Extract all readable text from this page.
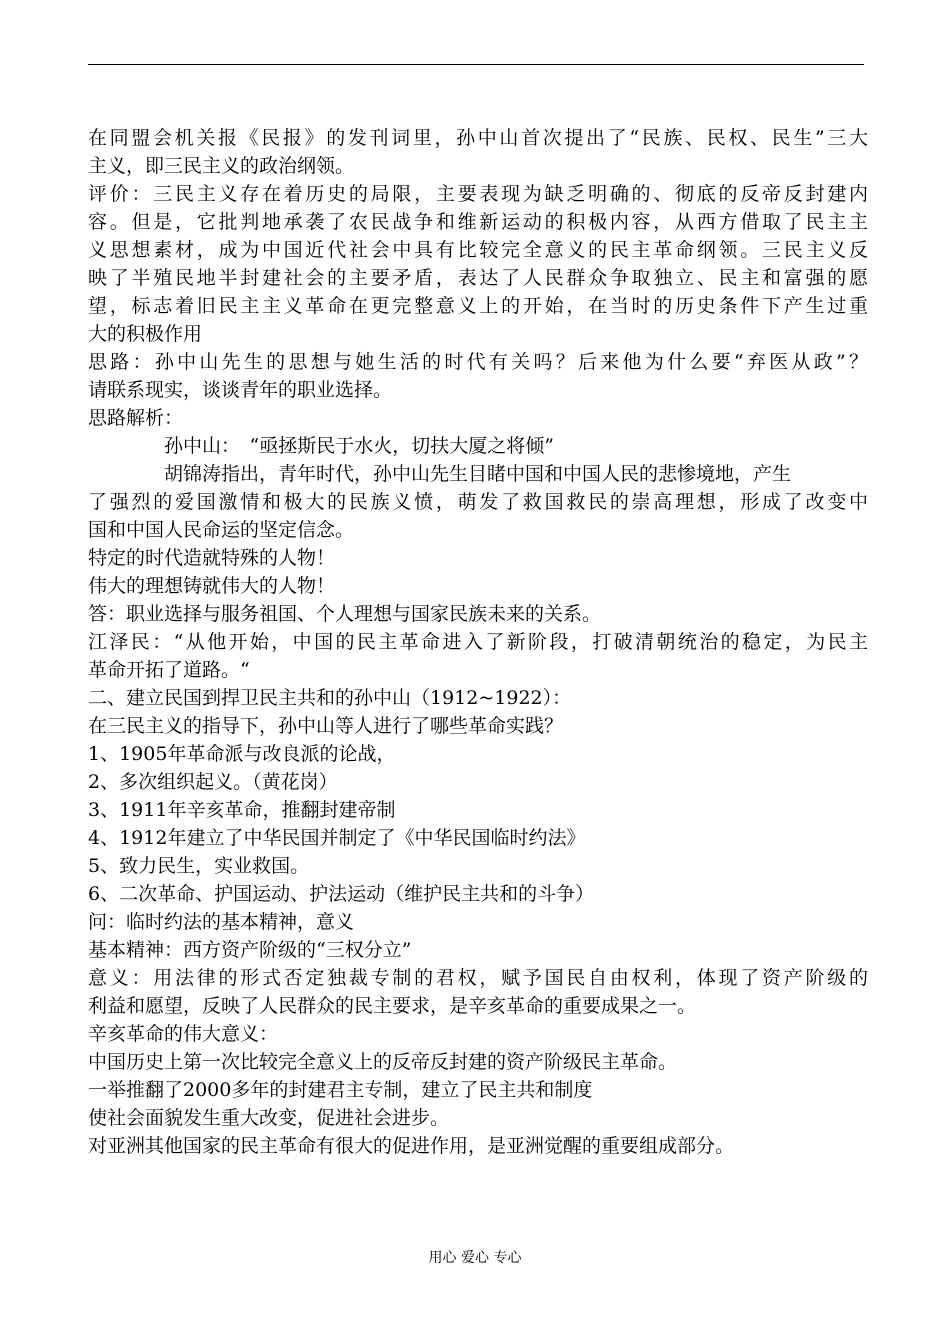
在同盟会机关报《民报》的发刊词里，孙中山首次提出了“民族、民权、民生”三大
主义，即三民主义的政治纲领。
评价：三民主义存在着历史的局限，主要表现为缺乏明确的、彻底的反帝反封建内
容。但是，它批判地承袭了农民战争和维新运动的积极内容，从西方借取了民主主
义思想素材，成为中国近代社会中具有比较完全意义的民主革命纲领。三民主义反
映了半殖民地半封建社会的主要矛盾，表达了人民群众争取独立、民主和富强的愿
望，标志着旧民主主义革命在更完整意义上的开始，在当时的历史条件下产生过重
大的积极作用
思路：孙中山先生的思想与她生活的时代有关吗？后来他为什么要“弃医从政”？
请联系现实，谈谈青年的职业选择。
思路解析：
孙中山：　“亟拯斯民于水火，切扶大厦之将倾”
胡锦涛指出，青年时代，孙中山先生目睹中国和中国人民的悲惨境地，产生
了强烈的爱国激情和极大的民族义愤，萌发了救国救民的崇高理想，形成了改变中
国和中国人民命运的坚定信念。
特定的时代造就特殊的人物！
伟大的理想铸就伟大的人物！
答：职业选择与服务祖国、个人理想与国家民族未来的关系。
江泽民：“从他开始，中国的民主革命进入了新阶段，打破清朝统治的稳定，为民主
革命开拓了道路。“
二、建立民国到捍卫民主共和的孙中山（1912~1922）：
在三民主义的指导下，孙中山等人进行了哪些革命实践？
1、1905年革命派与改良派的论战，
2、多次组织起义。（黄花岗）
3、1911年辛亥革命，推翻封建帝制
4、1912年建立了中华民国并制定了《中华民国临时约法》
5、致力民生，实业救国。
6、二次革命、护国运动、护法运动（维护民主共和的斗争）
问：临时约法的基本精神，意义
基本精神：西方资产阶级的“三权分立”
意义：用法律的形式否定独裁专制的君权，赋予国民自由权利，体现了资产阶级的
利益和愿望，反映了人民群众的民主要求，是辛亥革命的重要成果之一。
辛亥革命的伟大意义：
中国历史上第一次比较完全意义上的反帝反封建的资产阶级民主革命。
一举推翻了2000多年的封建君主专制，建立了民主共和制度
使社会面貌发生重大改变，促进社会进步。
对亚洲其他国家的民主革命有很大的促进作用，是亚洲觉醒的重要组成部分。
用心 爱心 专心
